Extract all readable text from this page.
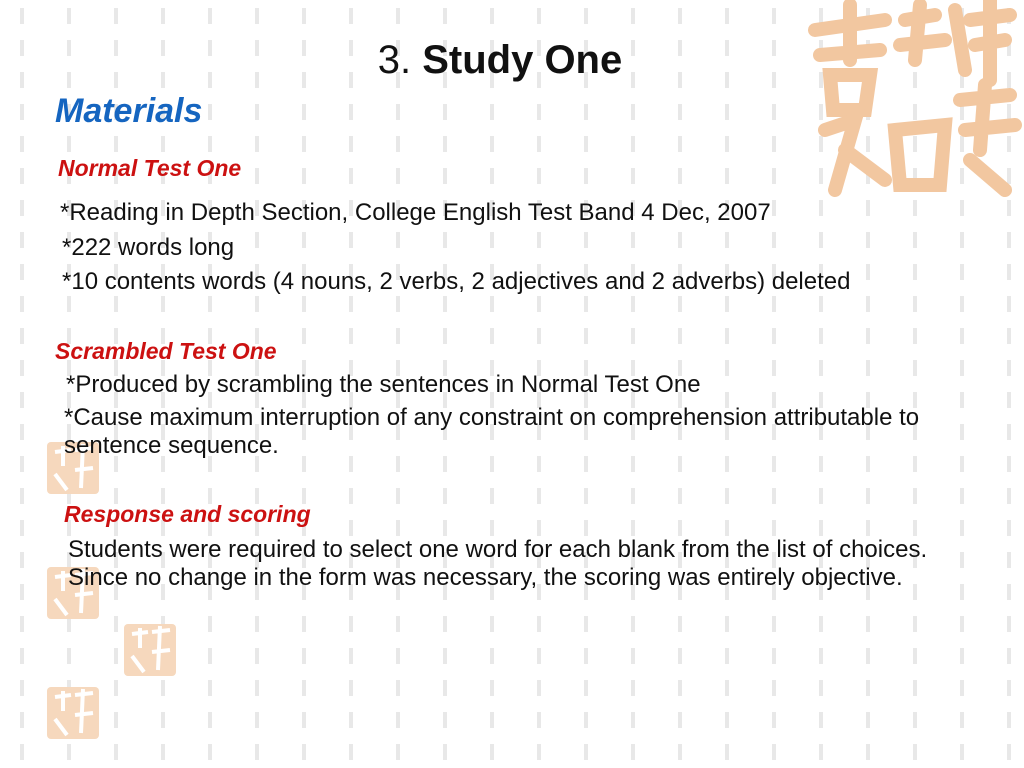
3. Study One
Materials
Normal Test One
*Reading in Depth Section, College English Test Band 4 Dec, 2007
*222 words long
*10 contents words (4 nouns, 2 verbs, 2 adjectives and 2 adverbs) deleted
Scrambled Test One
*Produced by scrambling the sentences in Normal Test One
*Cause maximum interruption of any constraint on comprehension attributable to sentence sequence.
Response and scoring
Students were required to select one word for each blank from the list of choices. Since no change in the form was necessary, the scoring was entirely objective.
